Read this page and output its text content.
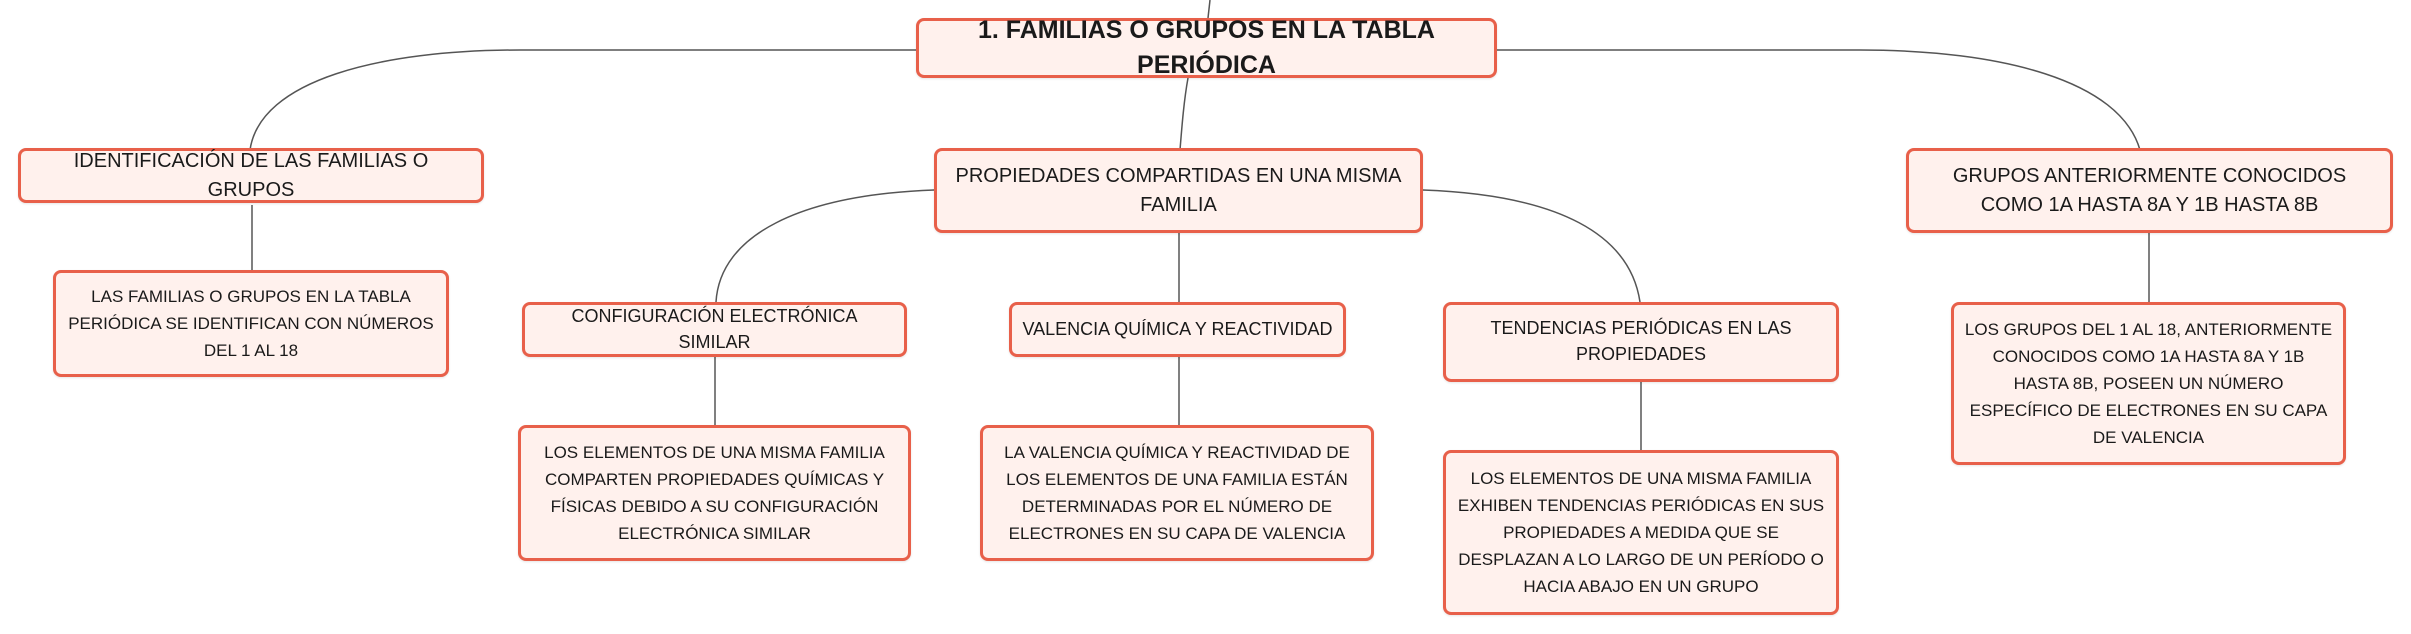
1. FAMILIAS O GRUPOS EN LA TABLA PERIÓDICA
IDENTIFICACIÓN DE LAS FAMILIAS O GRUPOS
LAS FAMILIAS O GRUPOS EN LA TABLA PERIÓDICA SE IDENTIFICAN CON NÚMEROS DEL 1 AL 18
PROPIEDADES COMPARTIDAS EN UNA MISMA FAMILIA
CONFIGURACIÓN ELECTRÓNICA SIMILAR
LOS ELEMENTOS DE UNA MISMA FAMILIA COMPARTEN PROPIEDADES QUÍMICAS Y FÍSICAS DEBIDO A SU CONFIGURACIÓN ELECTRÓNICA SIMILAR
VALENCIA QUÍMICA Y REACTIVIDAD
LA VALENCIA QUÍMICA Y REACTIVIDAD DE LOS ELEMENTOS DE UNA FAMILIA ESTÁN DETERMINADAS POR EL NÚMERO DE ELECTRONES EN SU CAPA DE VALENCIA
TENDENCIAS PERIÓDICAS EN LAS PROPIEDADES
LOS ELEMENTOS DE UNA MISMA FAMILIA EXHIBEN TENDENCIAS PERIÓDICAS EN SUS PROPIEDADES A MEDIDA QUE SE DESPLAZAN A LO LARGO DE UN PERÍODO O HACIA ABAJO EN UN GRUPO
GRUPOS ANTERIORMENTE CONOCIDOS COMO 1A HASTA 8A Y 1B HASTA 8B
LOS GRUPOS DEL 1 AL 18, ANTERIORMENTE CONOCIDOS COMO 1A HASTA 8A Y 1B HASTA 8B, POSEEN UN NÚMERO ESPECÍFICO DE ELECTRONES EN SU CAPA DE VALENCIA
